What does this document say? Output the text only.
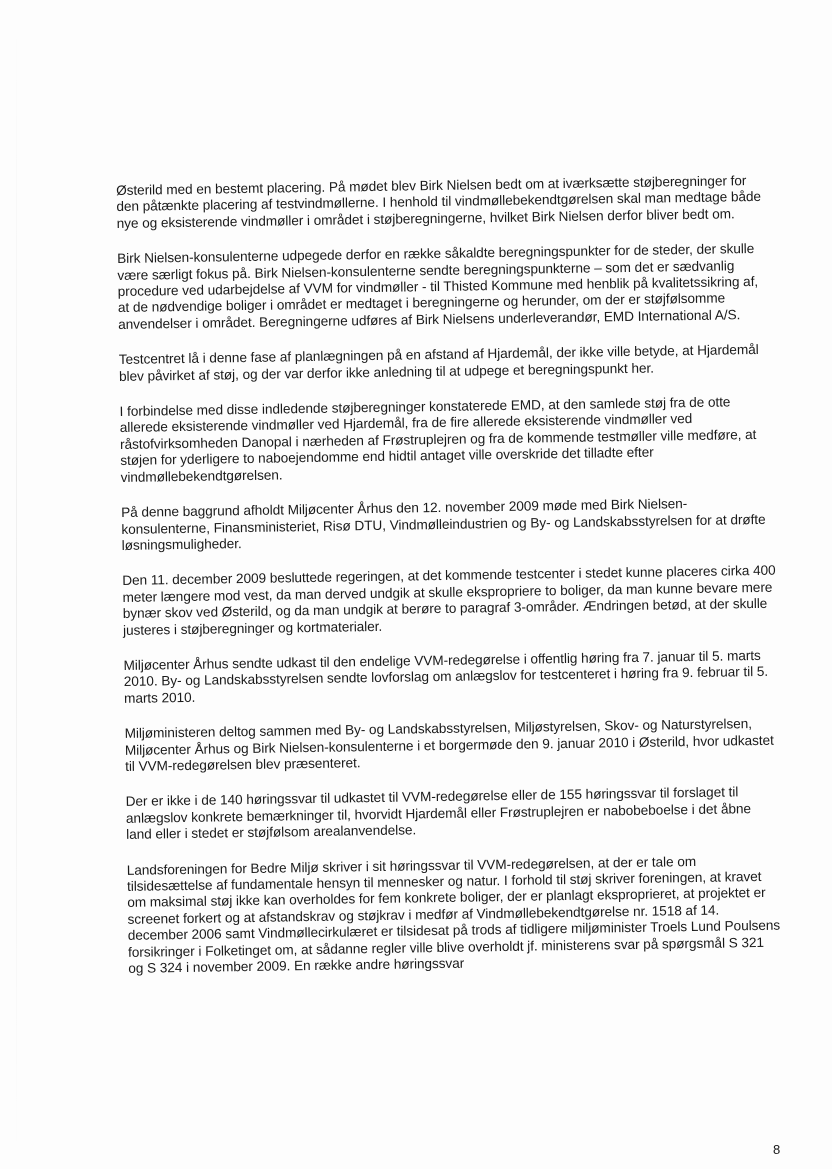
Østerild med en bestemt placering. På mødet blev Birk Nielsen bedt om at iværksætte støjberegninger for den påtænkte placering af testvindmøllerne. I henhold til vindmøllebekendtgørelsen skal man medtage både nye og eksisterende vindmøller i området i støjberegningerne, hvilket Birk Nielsen derfor bliver bedt om.

Birk Nielsen-konsulenterne udpegede derfor en række såkaldte beregningspunkter for de steder, der skulle være særligt fokus på. Birk Nielsen-konsulenterne sendte beregningspunkterne – som det er sædvanlig procedure ved udarbejdelse af VVM for vindmøller - til Thisted Kommune med henblik på kvalitetssikring af, at de nødvendige boliger i området er medtaget i beregningerne og herunder, om der er støjfølsomme anvendelser i området. Beregningerne udføres af Birk Nielsens underleverandør, EMD International A/S.

Testcentret lå i denne fase af planlægningen på en afstand af Hjardemål, der ikke ville betyde, at Hjardemål blev påvirket af støj, og der var derfor ikke anledning til at udpege et beregningspunkt her.

I forbindelse med disse indledende støjberegninger konstaterede EMD, at den samlede støj fra de otte allerede eksisterende vindmøller ved Hjardemål, fra de fire allerede eksisterende vindmøller ved råstofvirksomheden Danopal i nærheden af Frøstruplejren og fra de kommende testmøller ville medføre, at støjen for yderligere to naboejendomme end hidtil antaget ville overskride det tilladte efter vindmøllebekendtgørelsen.

På denne baggrund afholdt Miljøcenter Århus den 12. november 2009 møde med Birk Nielsen-konsulenterne, Finansministeriet, Risø DTU, Vindmølleindustrien og By- og Landskabsstyrelsen for at drøfte løsningsmuligheder.

Den 11. december 2009 besluttede regeringen, at det kommende testcenter i stedet kunne placeres cirka 400 meter længere mod vest, da man derved undgik at skulle ekspropriere to boliger, da man kunne bevare mere bynær skov ved Østerild, og da man undgik at berøre to paragraf 3-områder. Ændringen betød, at der skulle justeres i støjberegninger og kortmaterialer.

Miljøcenter Århus sendte udkast til den endelige VVM-redegørelse i offentlig høring fra 7. januar til 5. marts 2010. By- og Landskabsstyrelsen sendte lovforslag om anlægslov for testcenteret i høring fra 9. februar til 5. marts 2010.

Miljøministeren deltog sammen med By- og Landskabsstyrelsen, Miljøstyrelsen, Skov- og Naturstyrelsen, Miljøcenter Århus og Birk Nielsen-konsulenterne i et borgermøde den 9. januar 2010 i Østerild, hvor udkastet til VVM-redegørelsen blev præsenteret.

Der er ikke i de 140 høringssvar til udkastet til VVM-redegørelse eller de 155 høringssvar til forslaget til anlægslov konkrete bemærkninger til, hvorvidt Hjardemål eller Frøstruplejren er nabobeboelse i det åbne land eller i stedet er støjfølsom arealanvendelse.

Landsforeningen for Bedre Miljø skriver i sit høringssvar til VVM-redegørelsen, at der er tale om tilsidesættelse af fundamentale hensyn til mennesker og natur. I forhold til støj skriver foreningen, at kravet om maksimal støj ikke kan overholdes for fem konkrete boliger, der er planlagt eksproprieret, at projektet er screenet forkert og at afstandskrav og støjkrav i medfør af Vindmøllebekendtgørelse nr. 1518 af 14. december 2006 samt Vindmøllecirkulæret er tilsidesat på trods af tidligere miljøminister Troels Lund Poulsens forsikringer i Folketinget om, at sådanne regler ville blive overholdt jf. ministerens svar på spørgsmål S 321 og S 324 i november 2009. En række andre høringssvar

8
